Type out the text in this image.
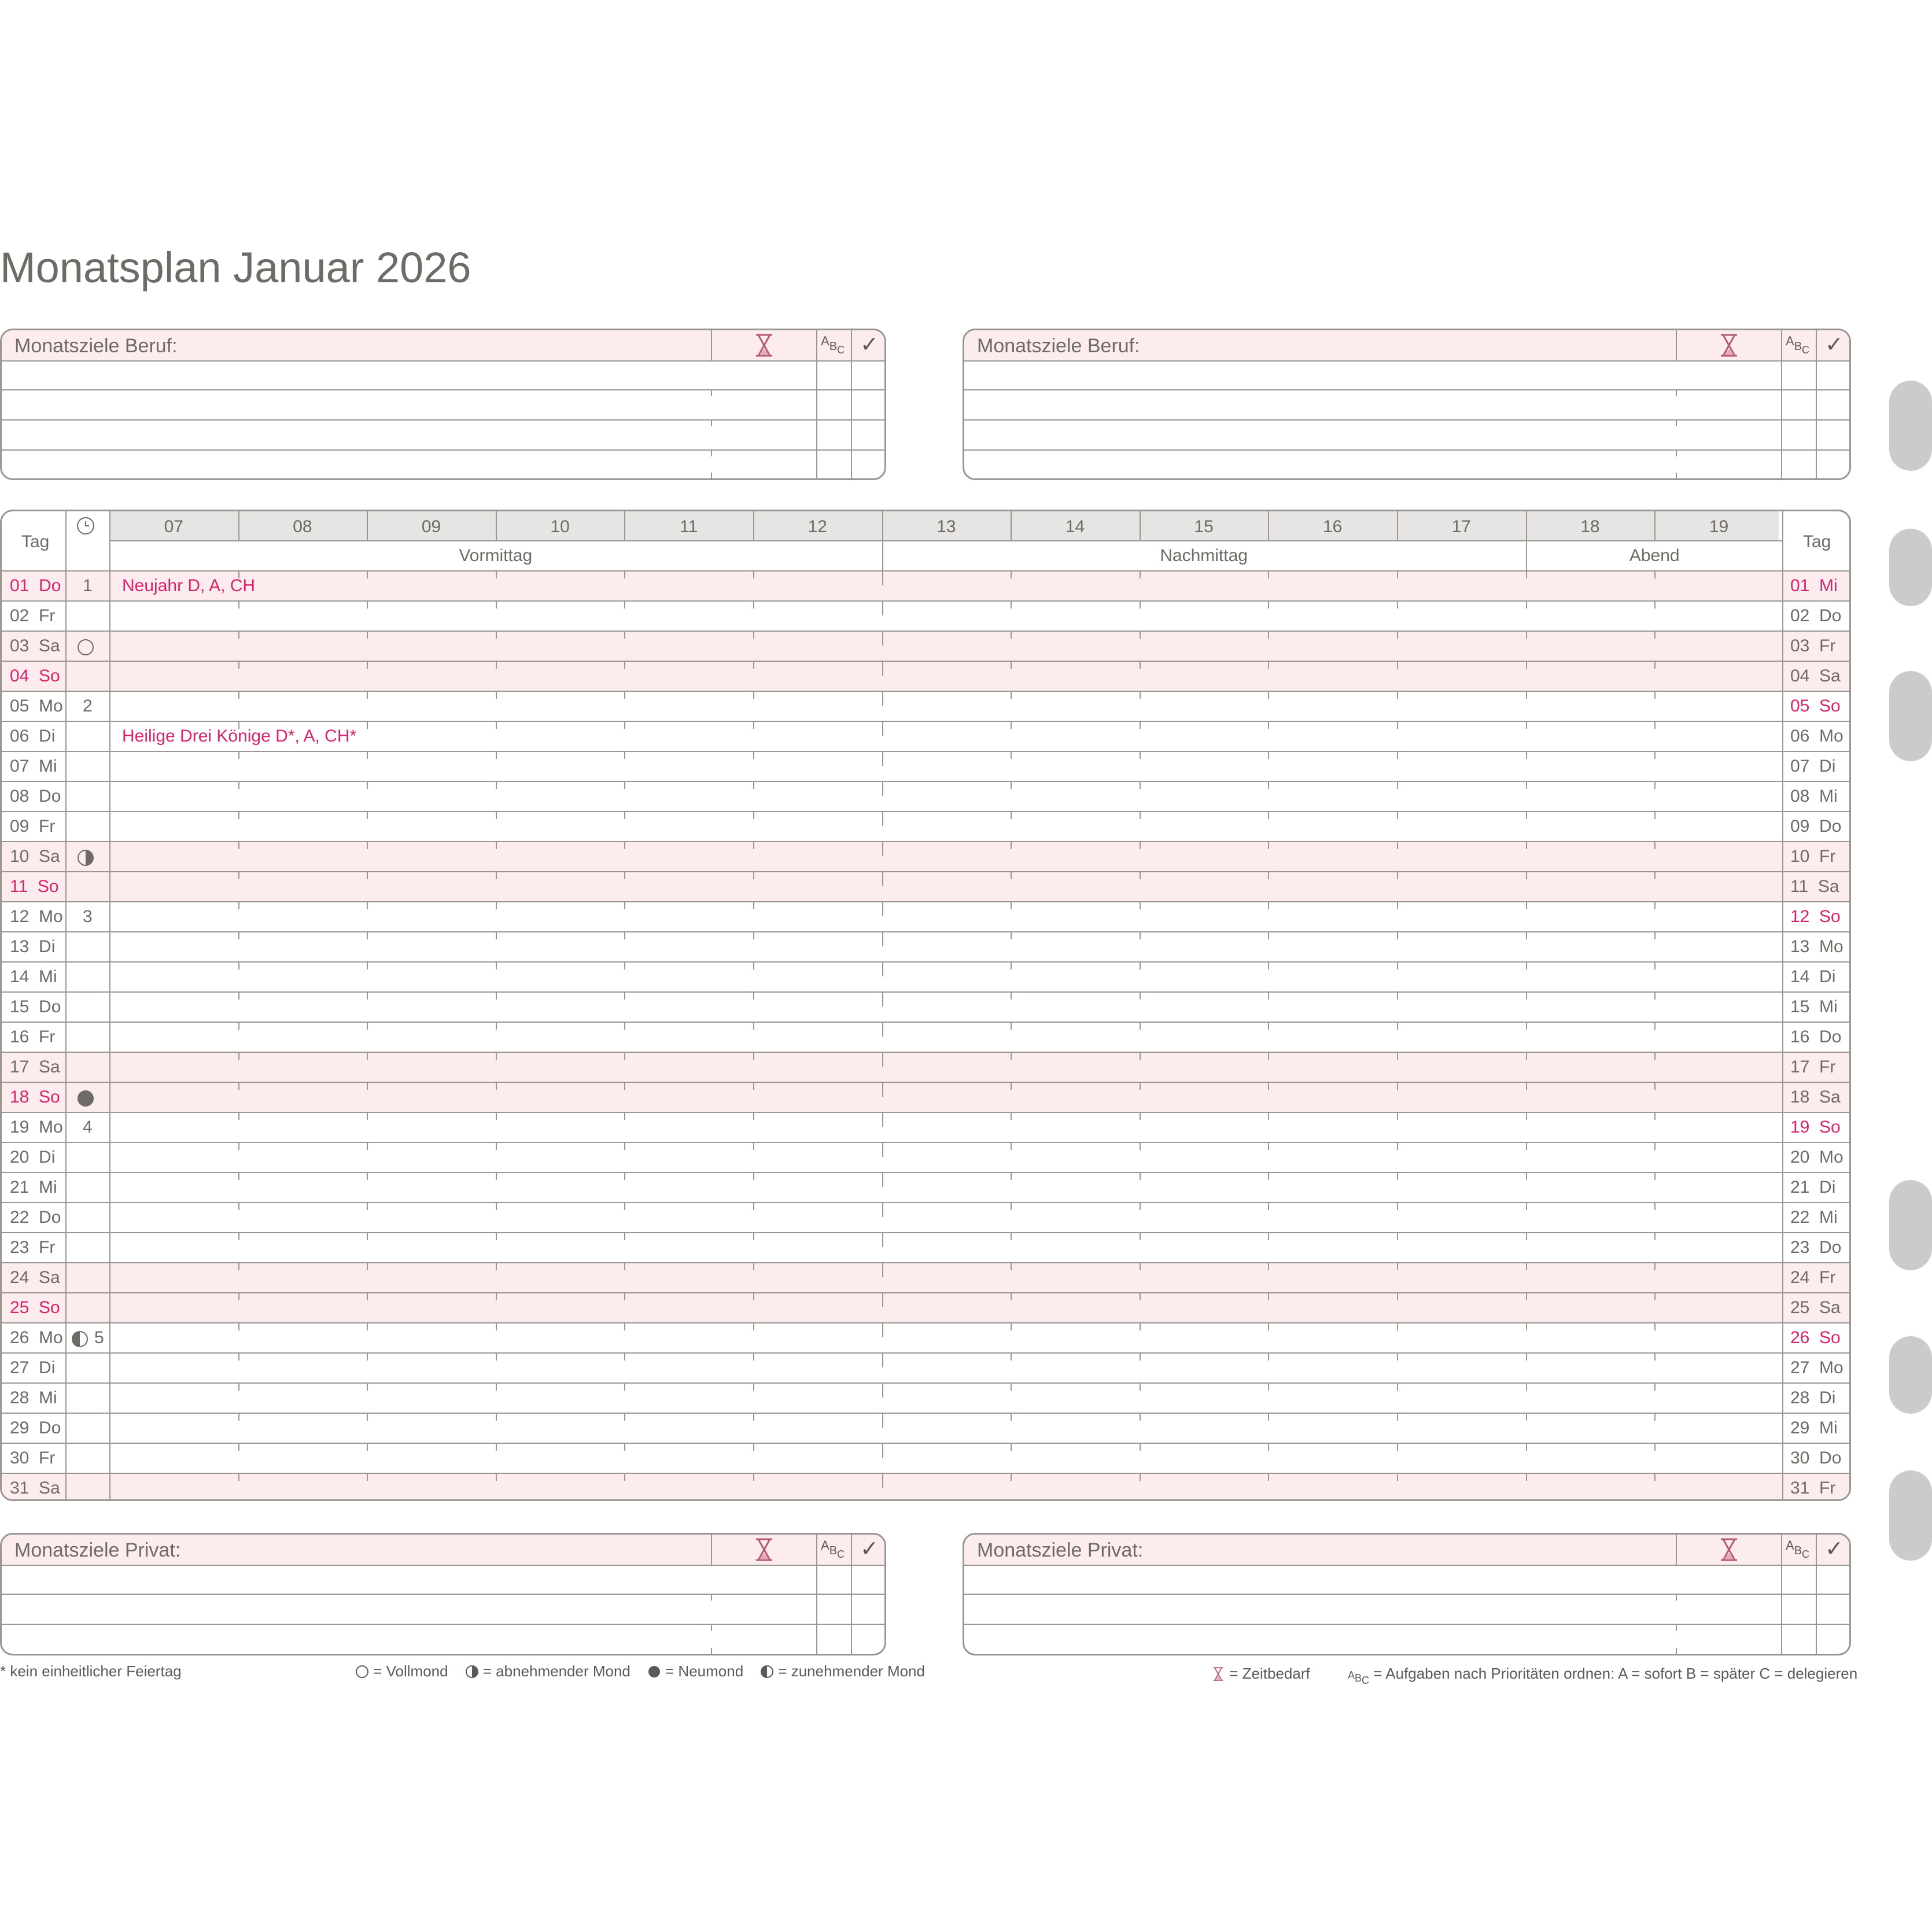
Monatsplan Januar 2026
Monatsziele Beruf:	ABC ✓	Monatsziele Beruf:	ABC ✓
Monatsziele Privat:	ABC ✓	Monatsziele Privat:	ABC ✓
Tag	Tag
07	08	09	10	11	12	13	14	15	16	17	18	19
Vormittag	Nachmittag	Abend
01  Do 1 Neujahr D, A, CH	01  Mi
02  Fr	02  Do
03  Sa	03  Fr
04  So	04  Sa
05  Mo 2	05  So
06  Di	Heilige Drei Könige D*, A, CH*	06  Mo
07  Mi	07  Di
08  Do	08  Mi
09  Fr	09  Do
10  Sa	10  Fr
11  So	11  Sa
12  Mo 3	12  So
13  Di	13  Mo
14  Mi	14  Di
15  Do	15  Mi
16  Fr	16  Do
17  Sa	17  Fr
18  So	18  Sa
19  Mo 4	19  So
20  Di	20  Mo
21  Mi	21  Di
22  Do	22  Mi
23  Fr	23  Do
24  Sa	24  Fr
25  So	25  Sa
26  Mo 5	26  So
27  Di	27  Mo
28  Mi	28  Di
29  Do	29  Mi
30  Fr	30  Do
31  Sa	31  Fr
* kein einheitlicher Feiertag	= Vollmond = abnehmender Mond = Neumond = zunehmender Mond	= Zeitbedarf	ABC = Aufgaben nach Prioritäten ordnen: A = sofort B = später C = delegieren
